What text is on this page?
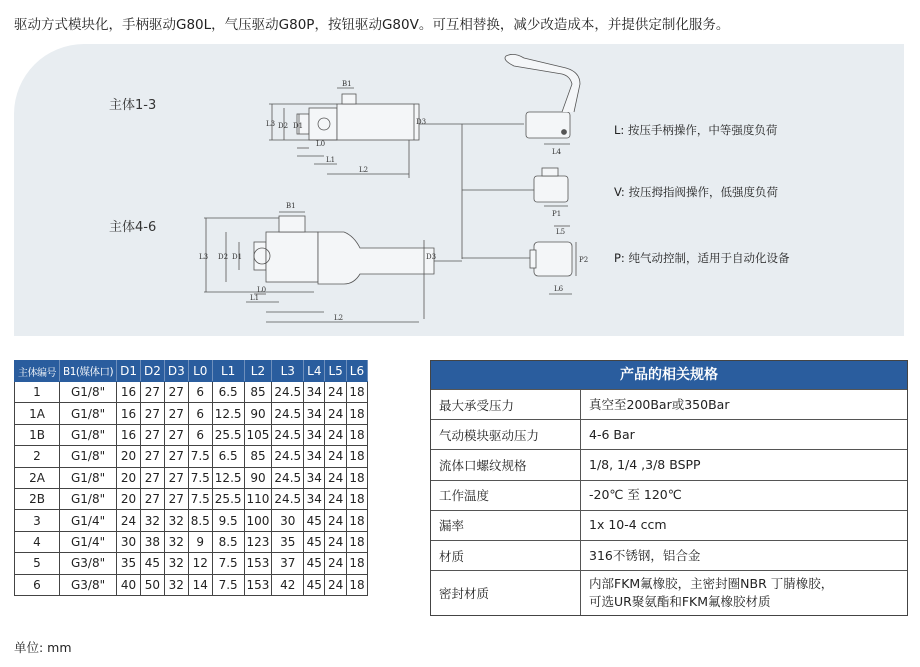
驱动方式模块化，手柄驱动G80L，气压驱动G80P，按钮驱动G80V。可互相替换，减少改造成本，并提供定制化服务。
B1
L3 D2 D1	D3
L0
L1
L2
B1
L3 D2 D1	D3
L0
L1
L2
L4
P1
L5
P2
L6
主体1-3
主体4-6
L: 按压手柄操作，中等强度负荷
V: 按压拇指阀操作，低强度负荷
P: 纯气动控制，适用于自动化设备
主体编号	B1(媒体口)	D1	D2	D3	L0	L1	L2	L3	L4	L5	L6
1	G1/8"	16	27	27	6	6.5	85	24.5	34	24	18
1A	G1/8"	16	27	27	6	12.5	90	24.5	34	24	18
1B	G1/8"	16	27	27	6	25.5	105	24.5	34	24	18
2	G1/8"	20	27	27	7.5	6.5	85	24.5	34	24	18
2A	G1/8"	20	27	27	7.5	12.5	90	24.5	34	24	18
2B	G1/8"	20	27	27	7.5	25.5	110	24.5	34	24	18
3	G1/4"	24	32	32	8.5	9.5	100	30	45	24	18
4	G1/4"	30	38	32	9	8.5	123	35	45	24	18
5	G3/8"	35	45	32	12	7.5	153	37	45	24	18
6	G3/8"	40	50	32	14	7.5	153	42	45	24	18
产品的相关规格
最大承受压力	真空至200Bar或350Bar

气动模块驱动压力	4-6 Bar

流体口螺纹规格	1/8, 1/4 ,3/8 BSPP

工作温度	-20℃ 至 120℃

漏率	1x 10-4 ccm

材质	316不锈钢，铝合金

密封材质	内部FKM氟橡胶，主密封圈NBR 丁腈橡胶，
可选UR聚氨酯和FKM氟橡胶材质
单位: mm
